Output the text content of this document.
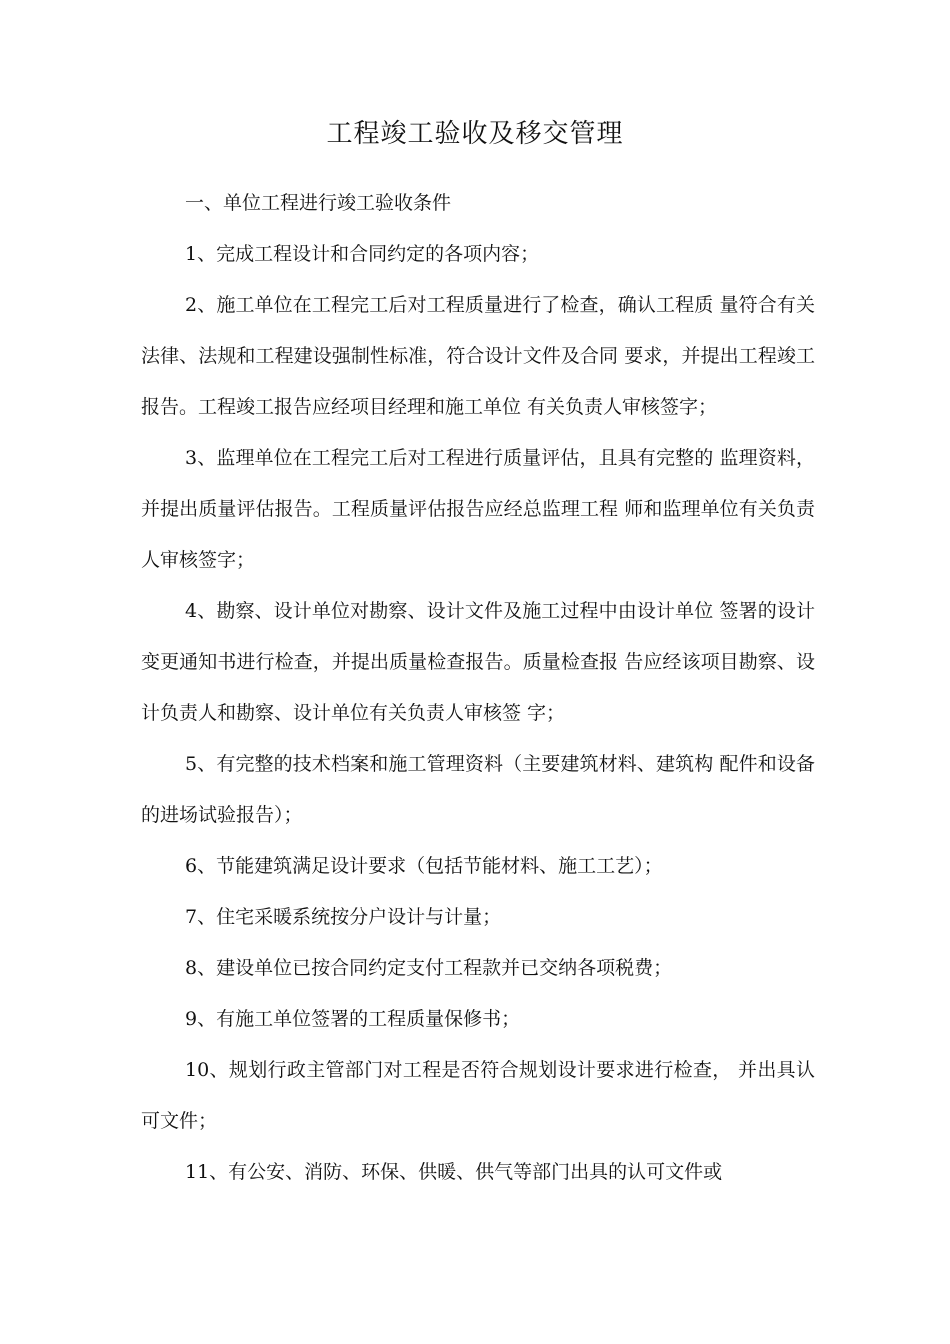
工程竣工验收及移交管理

一、单位工程进行竣工验收条件

1、完成工程设计和合同约定的各项内容；

2、施工单位在工程完工后对工程质量进行了检查，确认工程质 量符合有关法律、法规和工程建设强制性标准，符合设计文件及合同 要求，并提出工程竣工报告。工程竣工报告应经项目经理和施工单位 有关负责人审核签字；

3、监理单位在工程完工后对工程进行质量评估，且具有完整的 监理资料，并提出质量评估报告。工程质量评估报告应经总监理工程 师和监理单位有关负责人审核签字；

4、勘察、设计单位对勘察、设计文件及施工过程中由设计单位 签署的设计变更通知书进行检查，并提出质量检查报告。质量检查报 告应经该项目勘察、设计负责人和勘察、设计单位有关负责人审核签 字；

5、有完整的技术档案和施工管理资料（主要建筑材料、建筑构 配件和设备的进场试验报告）；

6、节能建筑满足设计要求（包括节能材料、施工工艺）；

7、住宅采暖系统按分户设计与计量；

8、建设单位已按合同约定支付工程款并已交纳各项税费；

9、有施工单位签署的工程质量保修书；

10、规划行政主管部门对工程是否符合规划设计要求进行检查， 并出具认可文件；

11、有公安、消防、环保、供暖、供气等部门出具的认可文件或
